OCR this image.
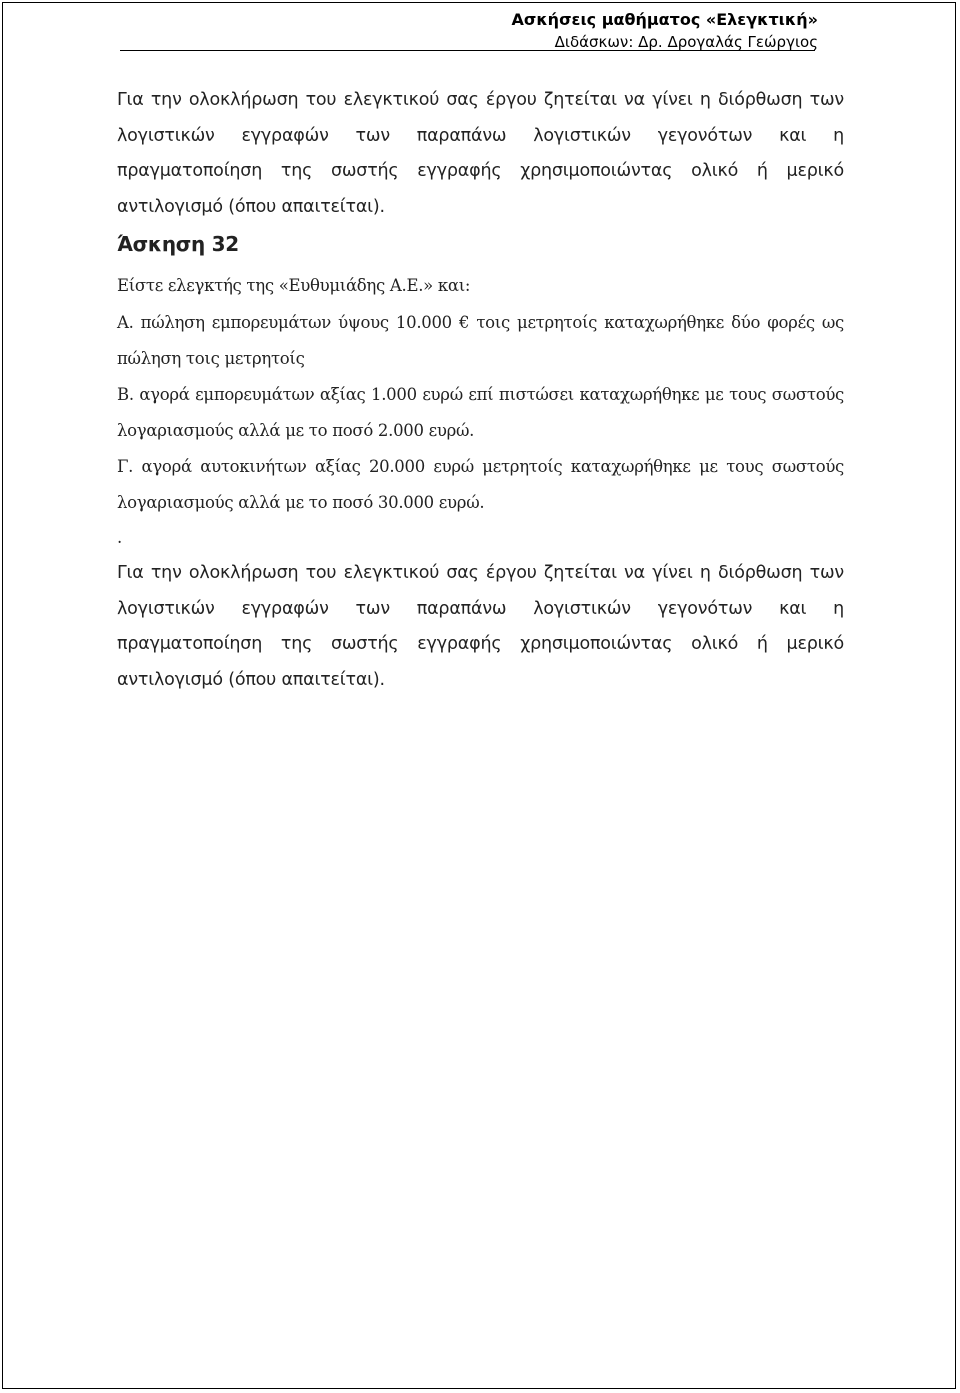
Ασκήσεις μαθήματος «Ελεγκτική»
Διδάσκων: Δρ. Δρογαλάς Γεώργιος

Για την ολοκλήρωση του ελεγκτικού σας έργου ζητείται να γίνει η διόρθωση των λογιστικών εγγραφών των παραπάνω λογιστικών γεγονότων και η πραγματοποίηση της σωστής εγγραφής χρησιμοποιώντας ολικό ή μερικό αντιλογισμό (όπου απαιτείται).

Άσκηση 32
Είστε ελεγκτής της «Ευθυμιάδης Α.Ε.» και:
Α. πώληση εμπορευμάτων ύψους 10.000 € τοις μετρητοίς καταχωρήθηκε δύο φορές ως πώληση τοις μετρητοίς
Β. αγορά εμπορευμάτων αξίας 1.000 ευρώ επί πιστώσει καταχωρήθηκε με τους σωστούς λογαριασμούς αλλά με το ποσό 2.000 ευρώ.
Γ. αγορά αυτοκινήτων αξίας 20.000 ευρώ μετρητοίς καταχωρήθηκε με τους σωστούς λογαριασμούς αλλά με το ποσό 30.000 ευρώ.
.

Για την ολοκλήρωση του ελεγκτικού σας έργου ζητείται να γίνει η διόρθωση των λογιστικών εγγραφών των παραπάνω λογιστικών γεγονότων και η πραγματοποίηση της σωστής εγγραφής χρησιμοποιώντας ολικό ή μερικό αντιλογισμό (όπου απαιτείται).
